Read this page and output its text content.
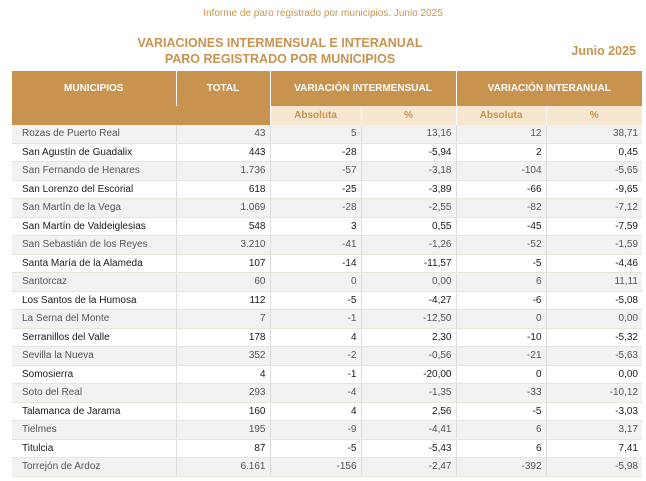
Informe de paro registrado por municipios. Junio 2025
VARIACIONES INTERMENSUAL E INTERANUAL
PARO REGISTRADO POR MUNICIPIOS
Junio 2025
MUNICIPIOS	TOTAL	VARIACIÓN INTERMENSUAL		VARIACIÓN INTERANUAL	

		Absoluta	%	Absoluta	%
Rozas de Puerto Real	43	5	13,16	12	38,71
San Agustín de Guadalix	443	-28	-5,94	2	0,45
San Fernando de Henares	1.736	-57	-3,18	-104	-5,65
San Lorenzo del Escorial	618	-25	-3,89	-66	-9,65
San Martín de la Vega	1.069	-28	-2,55	-82	-7,12
San Martín de Valdeiglesias	548	3	0,55	-45	-7,59
San Sebastián de los Reyes	3.210	-41	-1,26	-52	-1,59
Santa María de la Alameda	107	-14	-11,57	-5	-4,46
Santorcaz	60	0	0,00	6	11,11
Los Santos de la Humosa	112	-5	-4,27	-6	-5,08
La Serna del Monte	7	-1	-12,50	0	0,00
Serranillos del Valle	178	4	2,30	-10	-5,32
Sevilla la Nueva	352	-2	-0,56	-21	-5,63
Somosierra	4	-1	-20,00	0	0,00
Soto del Real	293	-4	-1,35	-33	-10,12
Talamanca de Jarama	160	4	2,56	-5	-3,03
Tielmes	195	-9	-4,41	6	3,17
Titulcia	87	-5	-5,43	6	7,41
Torrejón de Ardoz	6.161	-156	-2,47	-392	-5,98
